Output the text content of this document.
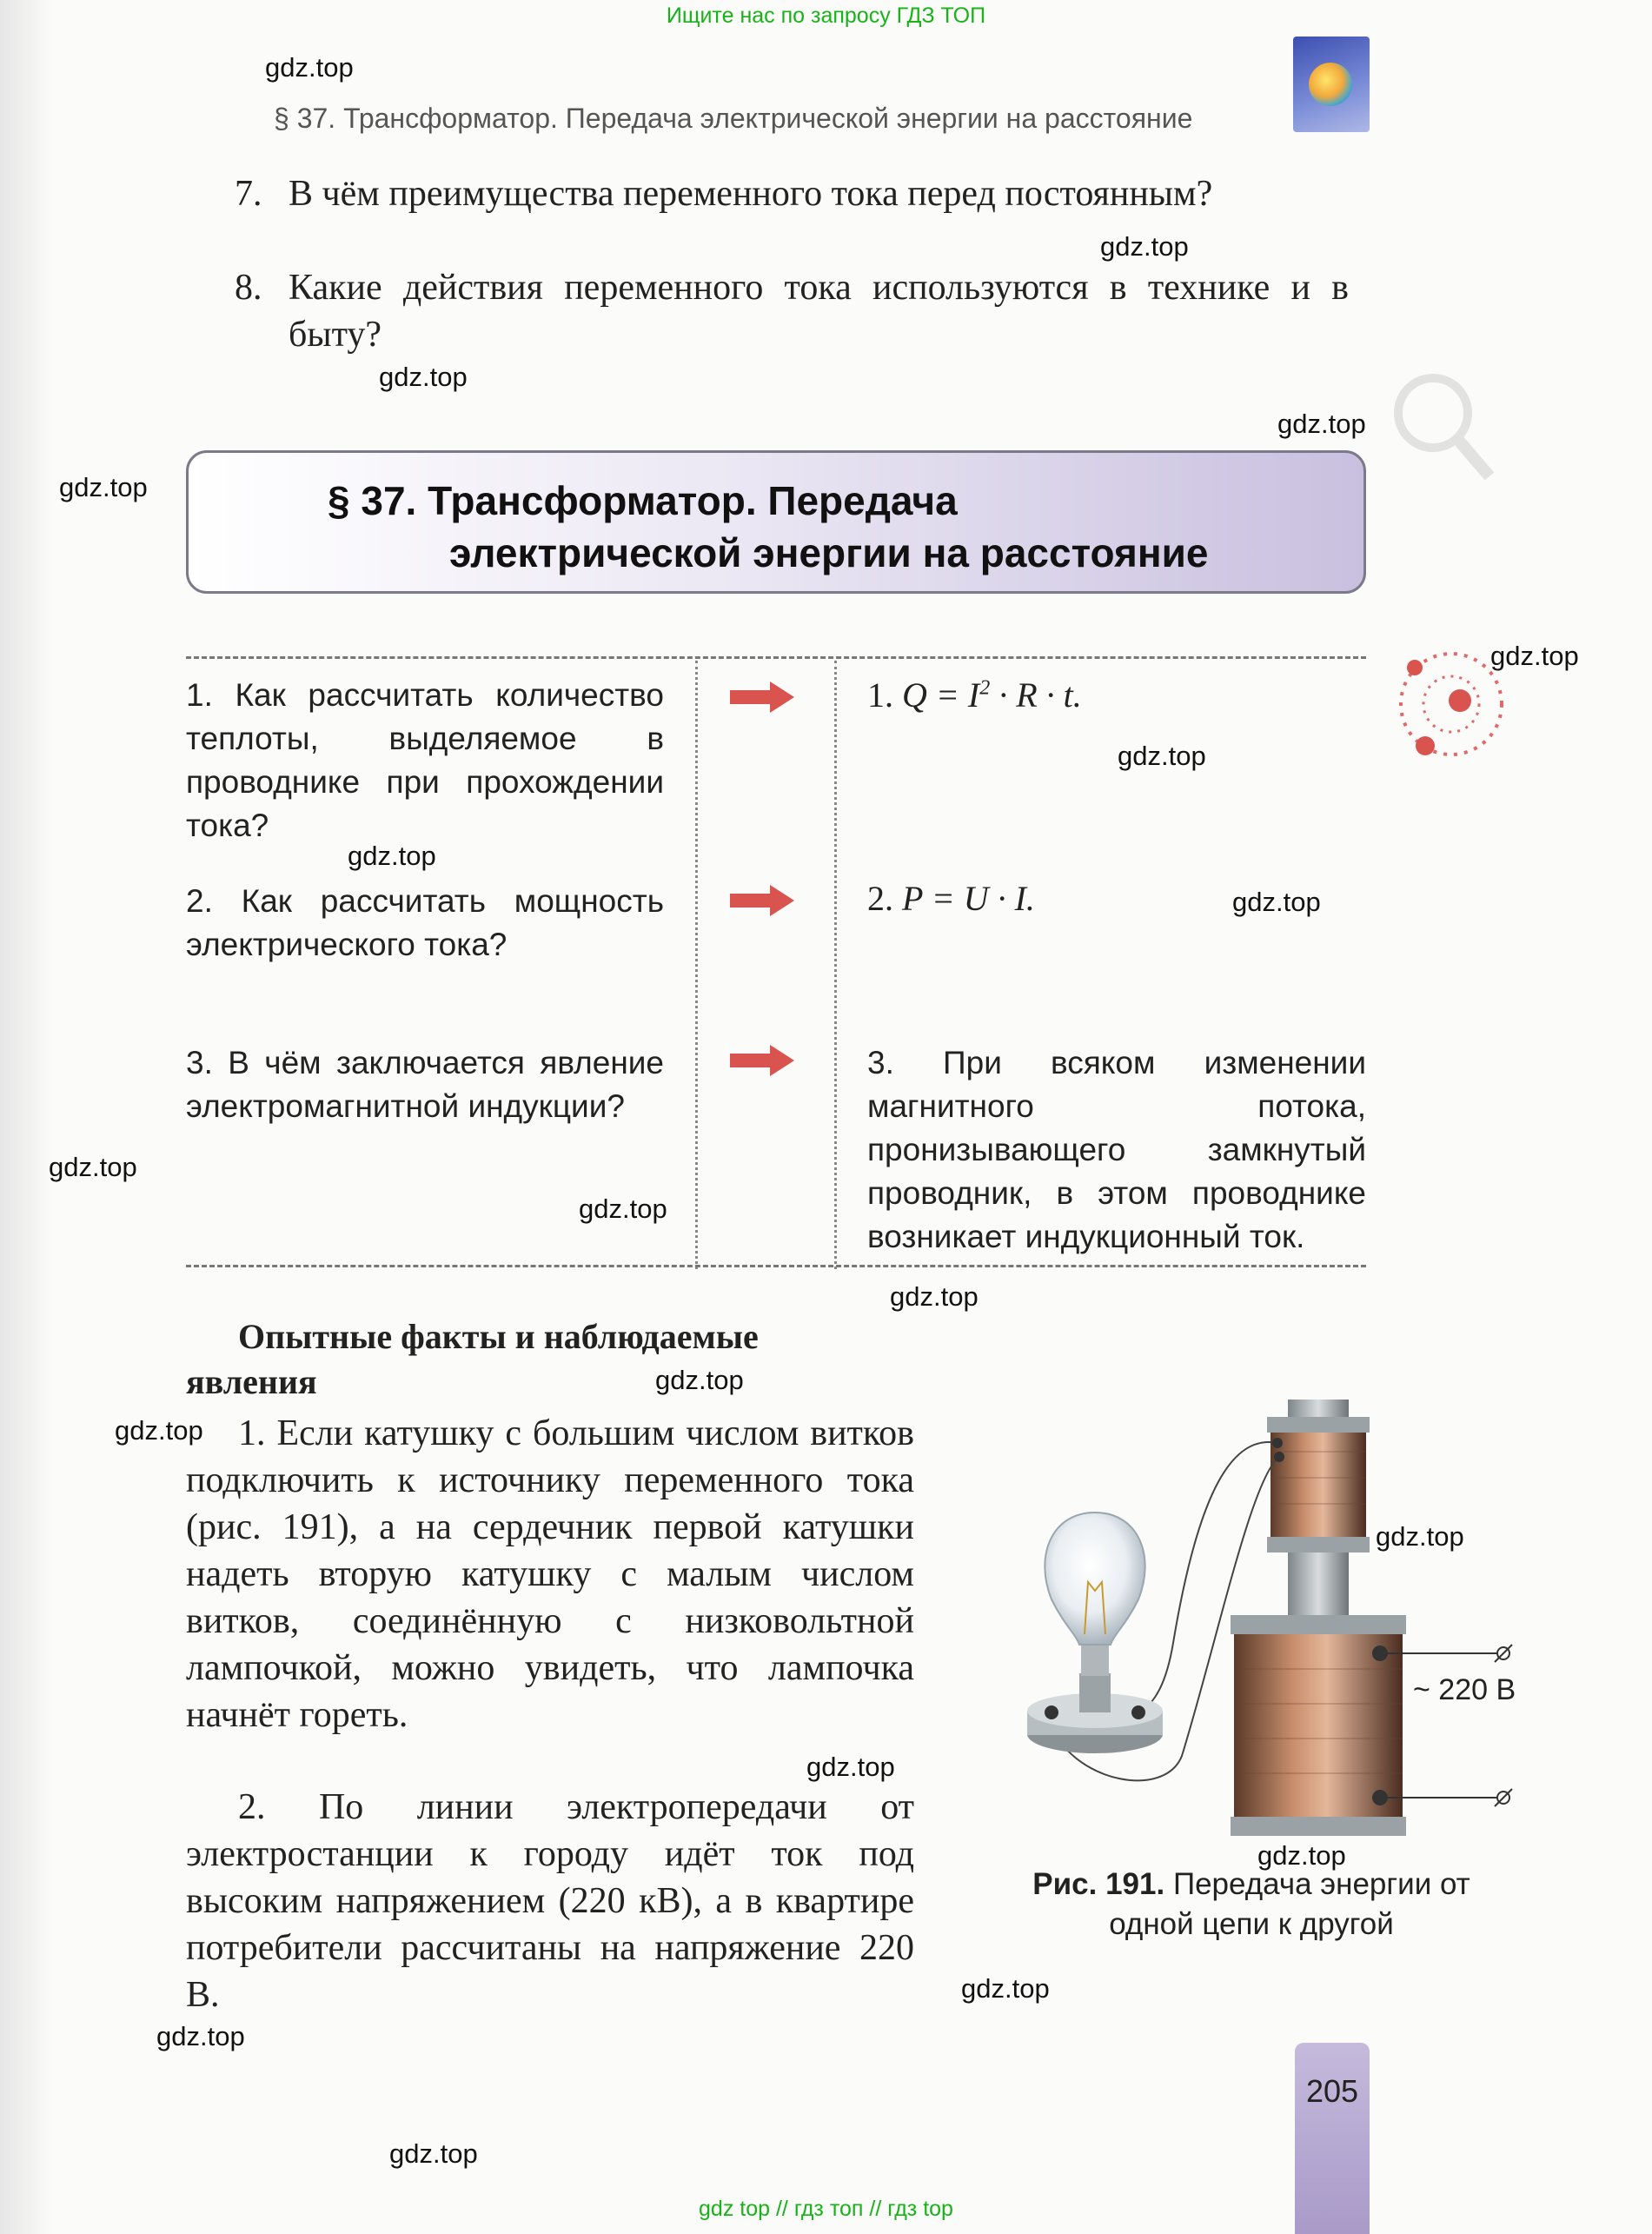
Ищите нас по запросу ГДЗ ТОП
§ 37. Трансформатор. Передача электрической энергии на расстояние
7. В чём преимущества переменного тока перед постоянным?
8. Какие действия переменного тока используются в технике и в быту?
§ 37. Трансформатор. Передача
электрической энергии на расстояние
1. Как рассчитать количество теплоты, выделяемое в проводнике при прохождении тока?
1. $Q = I^2 \cdot R \cdot t$.
2. Как рассчитать мощность электрического тока?
2. P = U · I.
3. В чём заключается явление электромагнитной индукции?
3. При всяком изменении магнитного потока, пронизывающего замкнутый проводник, в этом проводнике возникает индукционный ток.
Опытные факты и наблюдаемые
явления
1. Если катушку с большим числом витков подключить к источнику переменного тока (рис. 191), а на сердечник первой катушки надеть вторую катушку с малым числом витков, соединённую с низковольтной лампочкой, можно увидеть, что лампочка начнёт гореть.
2. По линии электропередачи от электростанции к городу идёт ток под высоким напряжением (220 кВ), а в квартире потребители рассчитаны на напряжение 220 В.
~ 220 В
Рис. 191. Передача энергии от одной цепи к другой
205
gdz.top
gdz.top
gdz.top
gdz.top
gdz.top
gdz.top
gdz.top
gdz.top
gdz.top
gdz.top
gdz.top
gdz.top
gdz.top
gdz.top
gdz.top
gdz.top
gdz.top
gdz.top
gdz.top
gdz.top
gdz top // гдз топ // гдз top
